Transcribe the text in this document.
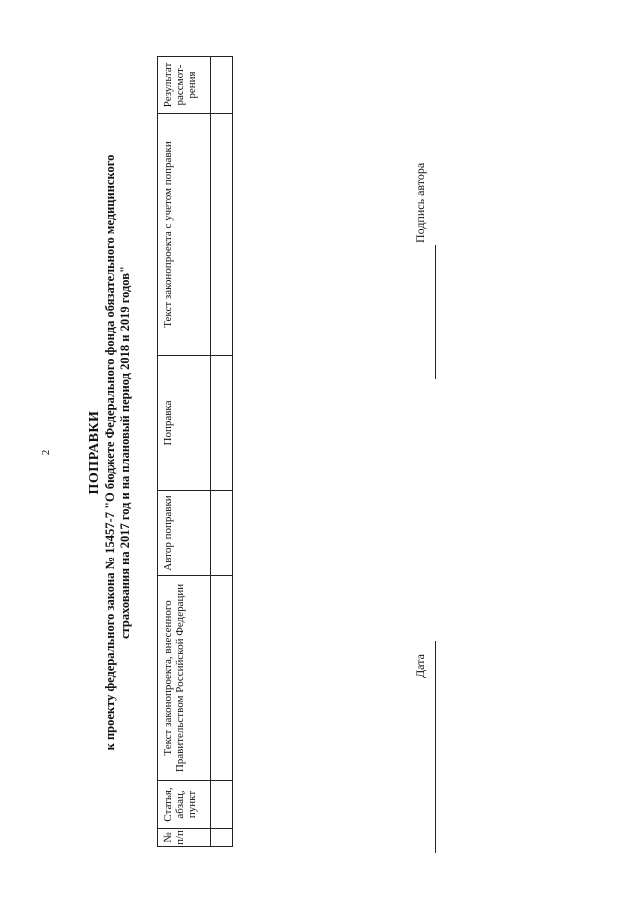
2	ПОПРАВКИ к проекту федерального закона № 15457-7 "О бюджете Федерального фонда обязательного медицинского страхования на 2017 год и на плановый период 2018 и 2019 годов"
№ п/п	Статья, абзац, пункт	Текст законопроекта, внесенного Правительством Российской Федерации	Автор поправки	Поправка	Текст законопроекта с учетом поправки	Результат рассмот-рения

Дата
Подпись автора
